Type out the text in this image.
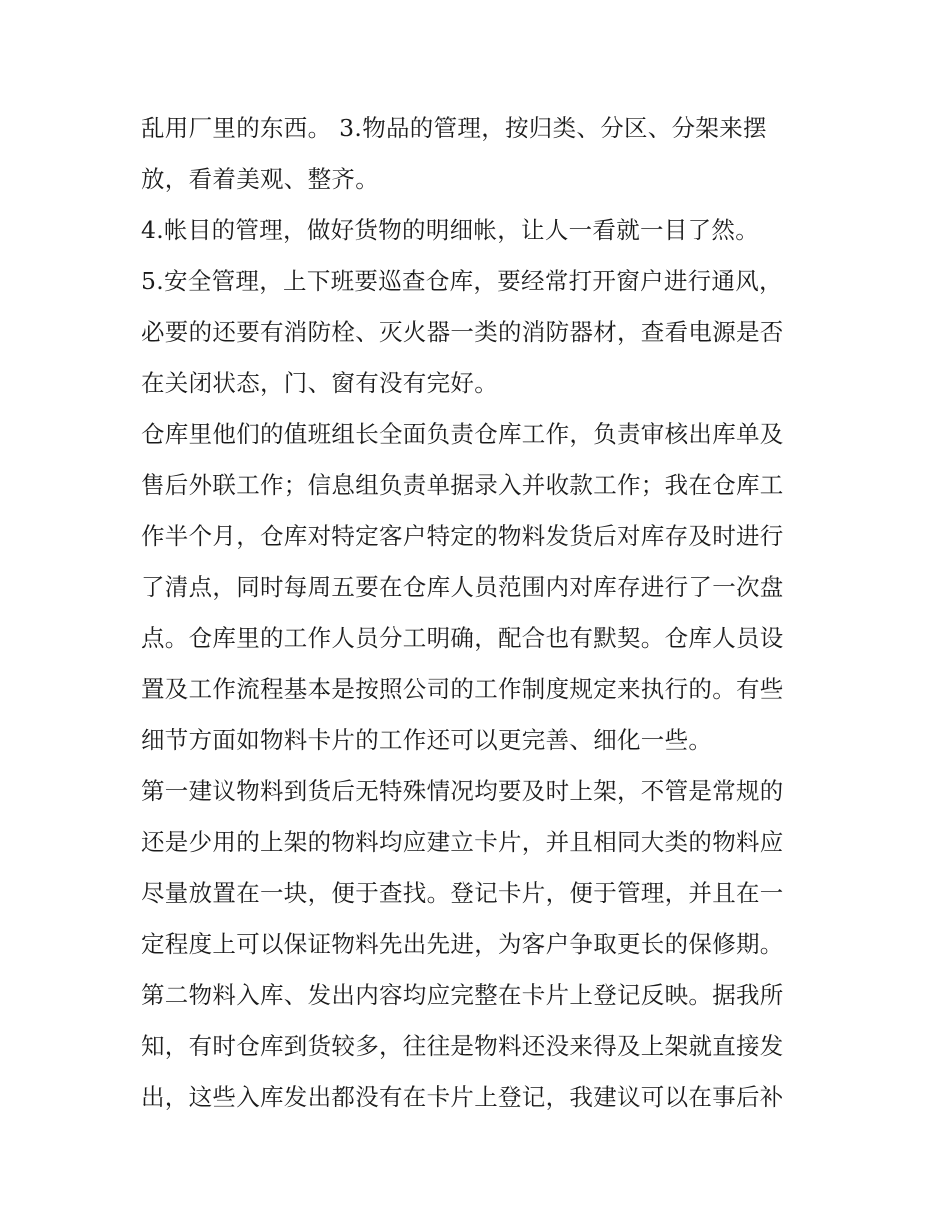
乱用厂里的东西。 3.物品的管理，按归类、分区、分架来摆
放，看着美观、整齐。
4.帐目的管理，做好货物的明细帐，让人一看就一目了然。
5.安全管理，上下班要巡查仓库，要经常打开窗户进行通风，
必要的还要有消防栓、灭火器一类的消防器材，查看电源是否
在关闭状态，门、窗有没有完好。
仓库里他们的值班组长全面负责仓库工作，负责审核出库单及
售后外联工作；信息组负责单据录入并收款工作；我在仓库工
作半个月，仓库对特定客户特定的物料发货后对库存及时进行
了清点，同时每周五要在仓库人员范围内对库存进行了一次盘
点。仓库里的工作人员分工明确，配合也有默契。仓库人员设
置及工作流程基本是按照公司的工作制度规定来执行的。有些
细节方面如物料卡片的工作还可以更完善、细化一些。
第一建议物料到货后无特殊情况均要及时上架，不管是常规的
还是少用的上架的物料均应建立卡片，并且相同大类的物料应
尽量放置在一块，便于查找。登记卡片，便于管理，并且在一
定程度上可以保证物料先出先进，为客户争取更长的保修期。
第二物料入库、发出内容均应完整在卡片上登记反映。据我所
知，有时仓库到货较多，往往是物料还没来得及上架就直接发
出，这些入库发出都没有在卡片上登记，我建议可以在事后补
